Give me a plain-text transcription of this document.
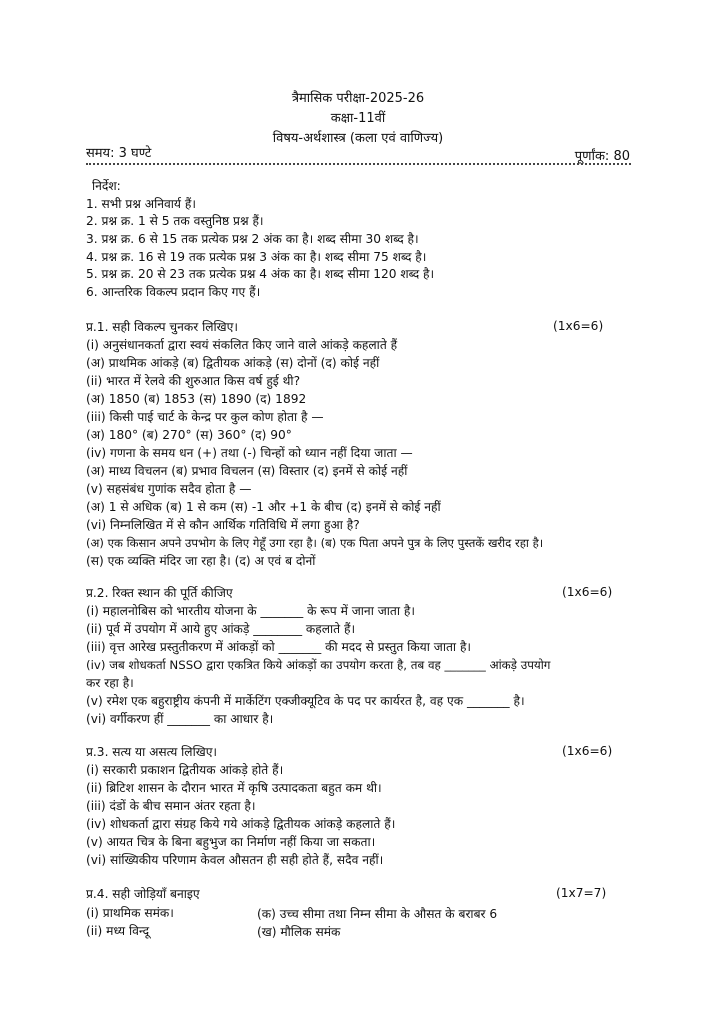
त्रैमासिक परीक्षा-2025-26
कक्षा-11वीं
विषय-अर्थशास्त्र (कला एवं वाणिज्य)
समय: 3 घण्टे	पूर्णांक: 80
निर्देश:
1. सभी प्रश्न अनिवार्य हैं।
2. प्रश्न क्र. 1 से 5 तक वस्तुनिष्ठ प्रश्न हैं।
3. प्रश्न क्र. 6 से 15 तक प्रत्येक प्रश्न 2 अंक का है। शब्द सीमा 30 शब्द है।
4. प्रश्न क्र. 16 से 19 तक प्रत्येक प्रश्न 3 अंक का है। शब्द सीमा 75 शब्द है।
5. प्रश्न क्र. 20 से 23 तक प्रत्येक प्रश्न 4 अंक का है। शब्द सीमा 120 शब्द है।
6. आन्तरिक विकल्प प्रदान किए गए हैं।
प्र.1. सही विकल्प चुनकर लिखिए।	(1x6=6)
(i) अनुसंधानकर्ता द्वारा स्वयं संकलित किए जाने वाले आंकड़े कहलाते हैं
(अ) प्राथमिक आंकड़े (ब) द्वितीयक आंकड़े (स) दोनों (द) कोई नहीं
(ii) भारत में रेलवे की शुरुआत किस वर्ष हुई थी?
(अ) 1850 (ब) 1853 (स) 1890 (द) 1892
(iii) किसी पाई चार्ट के केन्द्र पर कुल कोण होता है —
(अ) 180° (ब) 270° (स) 360° (द) 90°
(iv) गणना के समय धन (+) तथा (-) चिन्हों को ध्यान नहीं दिया जाता —
(अ) माध्य विचलन (ब) प्रभाव विचलन (स) विस्तार (द) इनमें से कोई नहीं
(v) सहसंबंध गुणांक सदैव होता है —
(अ) 1 से अधिक (ब) 1 से कम (स) -1 और +1 के बीच (द) इनमें से कोई नहीं
(vi) निम्नलिखित में से कौन आर्थिक गतिविधि में लगा हुआ है?
(अ) एक किसान अपने उपभोग के लिए गेहूँ उगा रहा है। (ब) एक पिता अपने पुत्र के लिए पुस्तकें खरीद रहा है।
(स) एक व्यक्ति मंदिर जा रहा है। (द) अ एवं ब दोनों
प्र.2. रिक्त स्थान की पूर्ति कीजिए	(1x6=6)
(i) महालनोबिस को भारतीय योजना के _______ के रूप में जाना जाता है।
(ii) पूर्व में उपयोग में आये हुए आंकड़े ________ कहलाते हैं।
(iii) वृत्त आरेख प्रस्तुतीकरण में आंकड़ों को _______ की मदद से प्रस्तुत किया जाता है।
(iv) जब शोधकर्ता NSSO द्वारा एकत्रित किये आंकड़ों का उपयोग करता है, तब वह _______ आंकड़े उपयोग
कर रहा है।
(v) रमेश एक बहुराष्ट्रीय कंपनी में मार्केटिंग एक्जीक्यूटिव के पद पर कार्यरत है, वह एक _______ है।
(vi) वर्गीकरण हीं _______ का आधार है।
प्र.3. सत्य या असत्य लिखिए।	(1x6=6)
(i) सरकारी प्रकाशन द्वितीयक आंकड़े होते हैं।
(ii) ब्रिटिश शासन के दौरान भारत में कृषि उत्पादकता बहुत कम थी।
(iii) दंडों के बीच समान अंतर रहता है।
(iv) शोधकर्ता द्वारा संग्रह किये गये आंकड़े द्वितीयक आंकड़े कहलाते हैं।
(v) आयत चित्र के बिना बहुभुज का निर्माण नहीं किया जा सकता।
(vi) सांख्यिकीय परिणाम केवल औसतन ही सही होते हैं, सदैव नहीं।
प्र.4. सही जोड़ियाँ बनाइए	(1x7=7)
(i) प्राथमिक समंक।	(क) उच्च सीमा तथा निम्न सीमा के औसत के बराबर 6
(ii) मध्य विन्दू	(ख) मौलिक समंक
